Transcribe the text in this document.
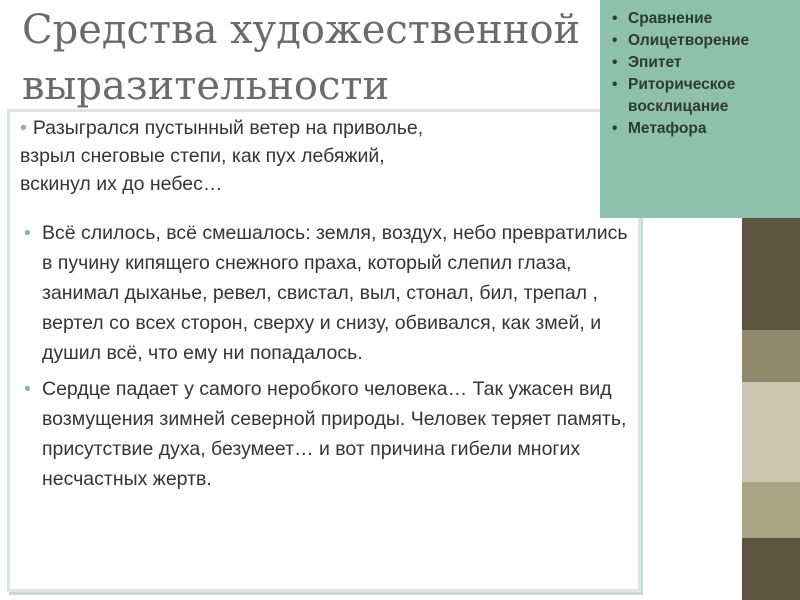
Средства художественной выразительности
• Разыгрался пустынный ветер на приволье,
взрыл снеговые степи, как пух лебяжий,
вскинул их до небес…
• Всё слилось, всё смешалось: земля, воздух, небо превратились в пучину кипящего снежного праха, который слепил глаза, занимал дыханье, ревел, свистал, выл, стонал, бил, трепал , вертел со всех сторон, сверху и снизу, обвивался, как змей, и душил всё, что ему ни попадалось.
• Сердце падает у самого неробкого человека… Так ужасен вид возмущения зимней северной природы. Человек теряет память, присутствие духа, безумеет… и вот причина гибели многих несчастных жертв.
• Сравнение
• Олицетворение
• Эпитет
• Риторическое восклицание
• Метафора
